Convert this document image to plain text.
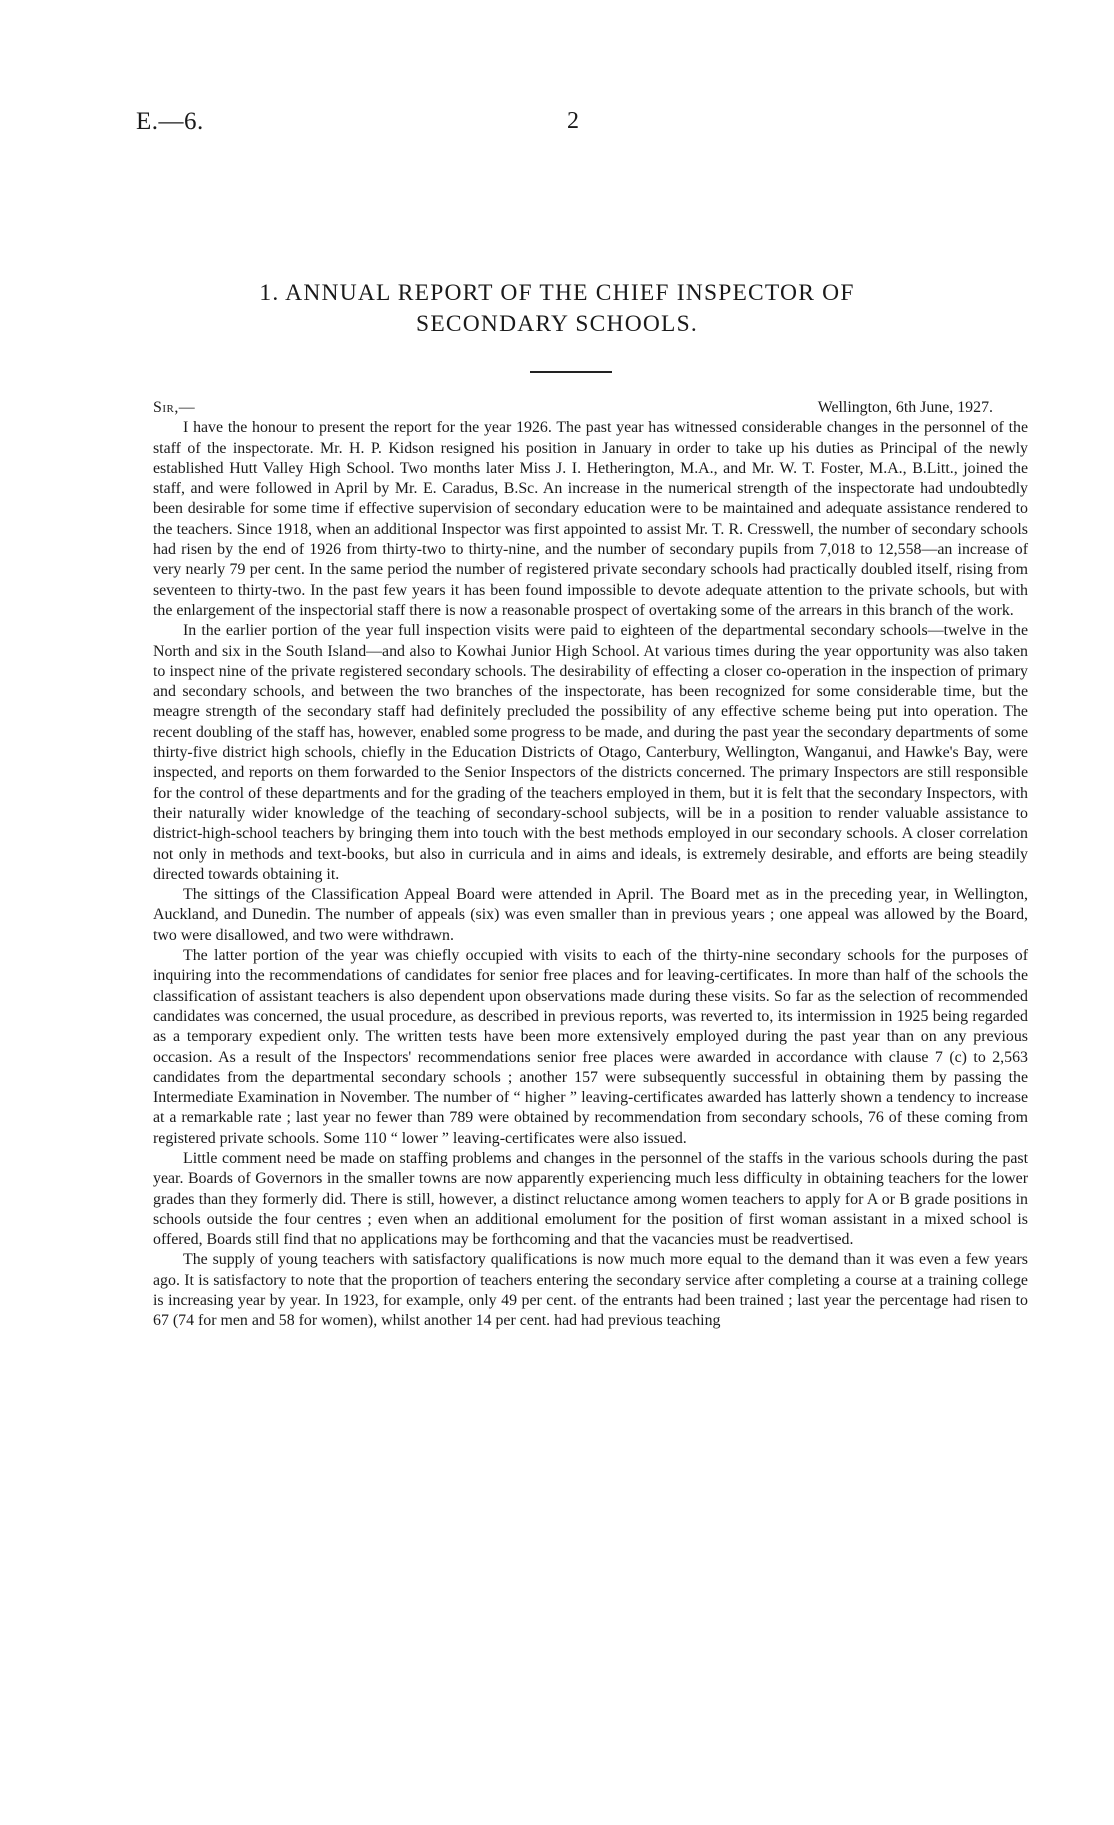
E.—6.	2
1. ANNUAL REPORT OF THE CHIEF INSPECTOR OF
SECONDARY SCHOOLS.
Sir,—	Wellington, 6th June, 1927.

I have the honour to present the report for the year 1926. The past year has witnessed considerable changes in the personnel of the staff of the inspectorate. Mr. H. P. Kidson resigned his position in January in order to take up his duties as Principal of the newly established Hutt Valley High School. Two months later Miss J. I. Hetherington, M.A., and Mr. W. T. Foster, M.A., B.Litt., joined the staff, and were followed in April by Mr. E. Caradus, B.Sc. An increase in the numerical strength of the inspectorate had undoubtedly been desirable for some time if effective supervision of secondary education were to be maintained and adequate assistance rendered to the teachers. Since 1918, when an additional Inspector was first appointed to assist Mr. T. R. Cresswell, the number of secondary schools had risen by the end of 1926 from thirty-two to thirty-nine, and the number of secondary pupils from 7,018 to 12,558—an increase of very nearly 79 per cent. In the same period the number of registered private secondary schools had practically doubled itself, rising from seventeen to thirty-two. In the past few years it has been found impossible to devote adequate attention to the private schools, but with the enlargement of the inspectorial staff there is now a reasonable prospect of overtaking some of the arrears in this branch of the work.

In the earlier portion of the year full inspection visits were paid to eighteen of the departmental secondary schools—twelve in the North and six in the South Island—and also to Kowhai Junior High School. At various times during the year opportunity was also taken to inspect nine of the private registered secondary schools. The desirability of effecting a closer co-operation in the inspection of primary and secondary schools, and between the two branches of the inspectorate, has been recognized for some considerable time, but the meagre strength of the secondary staff had definitely precluded the possibility of any effective scheme being put into operation. The recent doubling of the staff has, however, enabled some progress to be made, and during the past year the secondary departments of some thirty-five district high schools, chiefly in the Education Districts of Otago, Canterbury, Wellington, Wanganui, and Hawke's Bay, were inspected, and reports on them forwarded to the Senior Inspectors of the districts concerned. The primary Inspectors are still responsible for the control of these departments and for the grading of the teachers employed in them, but it is felt that the secondary Inspectors, with their naturally wider knowledge of the teaching of secondary-school subjects, will be in a position to render valuable assistance to district-high-school teachers by bringing them into touch with the best methods employed in our secondary schools. A closer correlation not only in methods and text-books, but also in curricula and in aims and ideals, is extremely desirable, and efforts are being steadily directed towards obtaining it.

The sittings of the Classification Appeal Board were attended in April. The Board met as in the preceding year, in Wellington, Auckland, and Dunedin. The number of appeals (six) was even smaller than in previous years ; one appeal was allowed by the Board, two were disallowed, and two were withdrawn.

The latter portion of the year was chiefly occupied with visits to each of the thirty-nine secondary schools for the purposes of inquiring into the recommendations of candidates for senior free places and for leaving-certificates. In more than half of the schools the classification of assistant teachers is also dependent upon observations made during these visits. So far as the selection of recommended candidates was concerned, the usual procedure, as described in previous reports, was reverted to, its intermission in 1925 being regarded as a temporary expedient only. The written tests have been more extensively employed during the past year than on any previous occasion. As a result of the Inspectors' recommendations senior free places were awarded in accordance with clause 7 (c) to 2,563 candidates from the departmental secondary schools ; another 157 were subsequently successful in obtaining them by passing the Intermediate Examination in November. The number of “ higher ” leaving-certificates awarded has latterly shown a tendency to increase at a remarkable rate ; last year no fewer than 789 were obtained by recommendation from secondary schools, 76 of these coming from registered private schools. Some 110 “ lower ” leaving-certificates were also issued.

Little comment need be made on staffing problems and changes in the personnel of the staffs in the various schools during the past year. Boards of Governors in the smaller towns are now apparently experiencing much less difficulty in obtaining teachers for the lower grades than they formerly did. There is still, however, a distinct reluctance among women teachers to apply for A or B grade positions in schools outside the four centres ; even when an additional emolument for the position of first woman assistant in a mixed school is offered, Boards still find that no applications may be forthcoming and that the vacancies must be readvertised.

The supply of young teachers with satisfactory qualifications is now much more equal to the demand than it was even a few years ago. It is satisfactory to note that the proportion of teachers entering the secondary service after completing a course at a training college is increasing year by year. In 1923, for example, only 49 per cent. of the entrants had been trained ; last year the percentage had risen to 67 (74 for men and 58 for women), whilst another 14 per cent. had had previous teaching
